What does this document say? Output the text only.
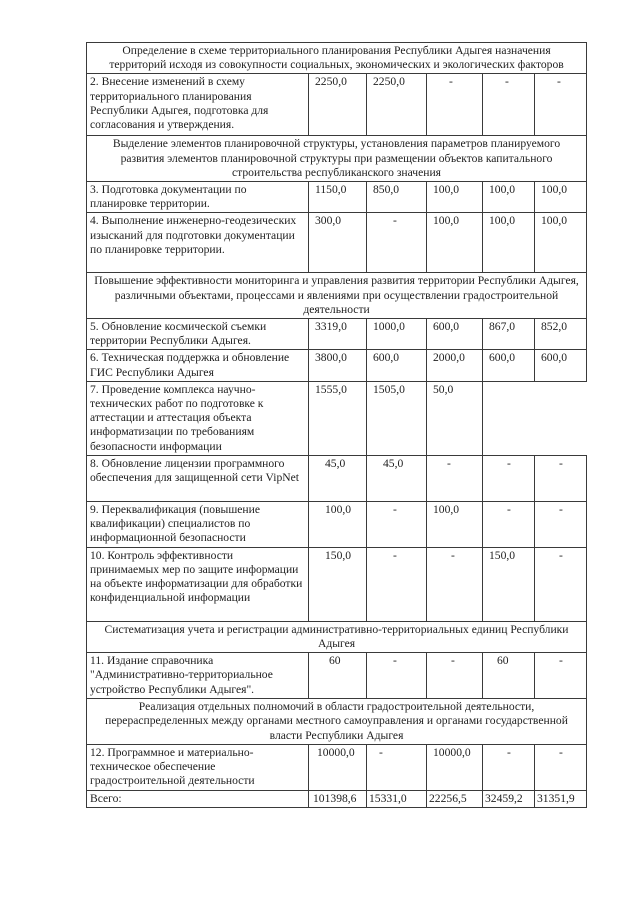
Определение в схеме территориального планирования Республики Адыгея назначения территорий исходя из совокупности социальных, экономических и экологических факторов					
2. Внесение изменений в схему территориального планирования Республики Адыгея, подготовка для согласования и утверждения.	2250,0	2250,0	-	-	-
Выделение элементов планировочной структуры, установления параметров планируемого развития элементов планировочной структуры при размещении объектов капитального строительства республиканского значения					
3. Подготовка документации по планировке территории.	1150,0	850,0	100,0	100,0	100,0
4. Выполнение инженерно-геодезических изысканий для подготовки документации по планировке территории.	300,0	-	100,0	100,0	100,0
Повышение эффективности мониторинга и управления развития территории Республики Адыгея, различными объектами, процессами и явлениями при осуществлении градостроительной деятельности					
5. Обновление космической съемки территории Республики Адыгея.	3319,0	1000,0	600,0	867,0	852,0
6. Техническая поддержка и обновление ГИС Республики Адыгея	3800,0	600,0	2000,0	600,0	600,0
7. Проведение комплекса научно-технических работ по подготовке к аттестации и аттестация объекта информатизации по требованиям безопасности информации	1555,0	1505,0	50,0		
8. Обновление лицензии программного обеспечения для защищенной сети VipNet	45,0	45,0	-	-	-
9. Переквалификация (повышение квалификации) специалистов по информационной безопасности	100,0	-	100,0	-	-
10. Контроль эффективности принимаемых мер по защите информации на объекте информатизации для обработки конфиденциальной информации	150,0	-	-	150,0	-
Систематизация учета и регистрации административно-территориальных единиц Республики Адыгея					
11. Издание справочника "Административно-территориальное устройство Республики Адыгея".	60	-	-	60	-
Реализация отдельных полномочий в области градостроительной деятельности, перераспределенных между органами местного самоуправления и органами государственной власти Республики Адыгея					
12. Программное и материально-техническое обеспечение градостроительной деятельности	10000,0	-	10000,0	-	-
Всего:	101398,6	15331,0	22256,5	32459,2	31351,9
